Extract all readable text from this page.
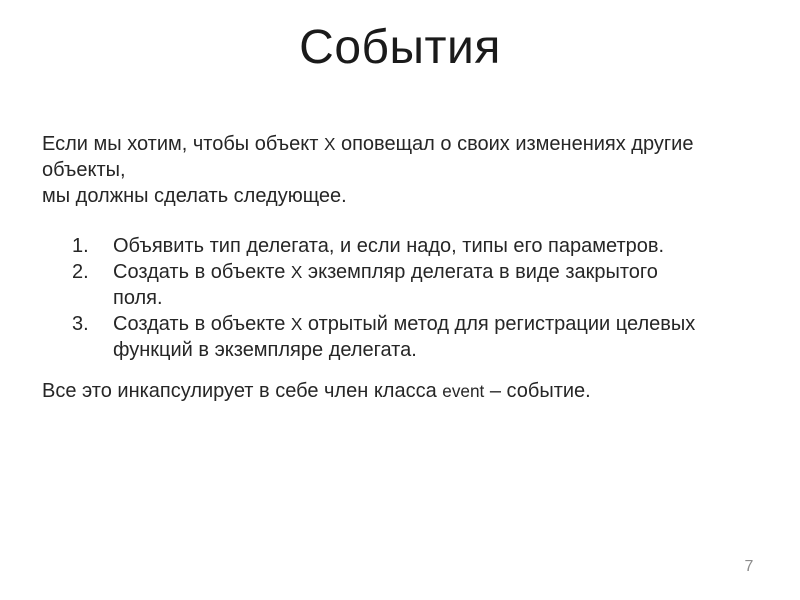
События
Если мы хотим, чтобы объект X оповещал о своих изменениях другие
объекты,
мы должны сделать следующее.
1.	Объявить тип делегата, и если надо, типы его параметров.
2.	Создать в объекте X экземпляр делегата в виде закрытого поля.
3.	Создать в объекте X отрытый метод для регистрации целевых
функций в экземпляре делегата.
Все это инкапсулирует в себе член класса event – событие.
7
